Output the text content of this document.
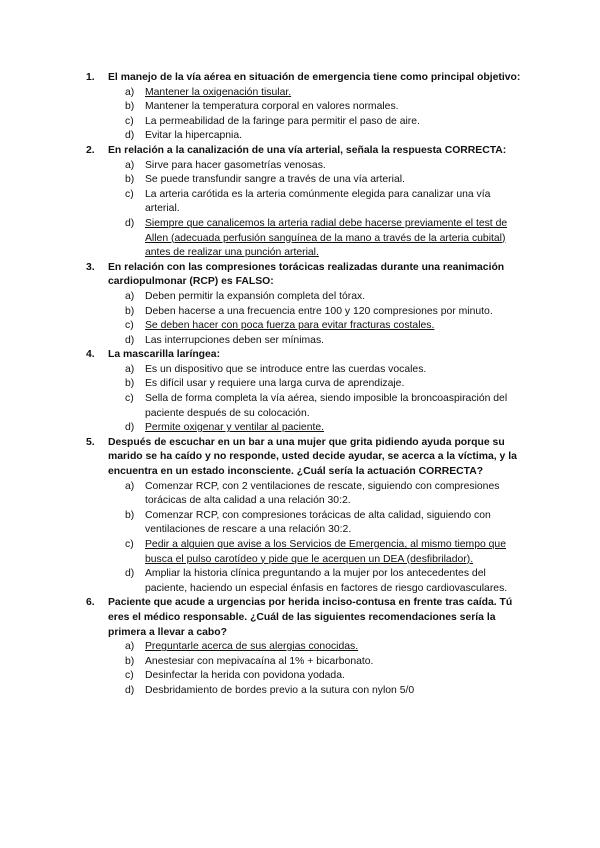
1. El manejo de la vía aérea en situación de emergencia tiene como principal objetivo:
a) Mantener la oxigenación tisular.
b) Mantener la temperatura corporal en valores normales.
c) La permeabilidad de la faringe para permitir el paso de aire.
d) Evitar la hipercapnia.
2. En relación a la canalización de una vía arterial, señala la respuesta CORRECTA:
a) Sirve para hacer gasometrías venosas.
b) Se puede transfundir sangre a través de una vía arterial.
c) La arteria carótida es la arteria comúnmente elegida para canalizar una vía arterial.
d) Siempre que canalicemos la arteria radial debe hacerse previamente el test de Allen (adecuada perfusión sanguínea de la mano a través de la arteria cubital) antes de realizar una punción arterial.
3. En relación con las compresiones torácicas realizadas durante una reanimación cardiopulmonar (RCP) es FALSO:
a) Deben permitir la expansión completa del tórax.
b) Deben hacerse a una frecuencia entre 100 y 120 compresiones por minuto.
c) Se deben hacer con poca fuerza para evitar fracturas costales.
d) Las interrupciones deben ser mínimas.
4. La mascarilla laríngea:
a) Es un dispositivo que se introduce entre las cuerdas vocales.
b) Es difícil usar y requiere una larga curva de aprendizaje.
c) Sella de forma completa la vía aérea, siendo imposible la broncoaspiración del paciente después de su colocación.
d) Permite oxigenar y ventilar al paciente.
5. Después de escuchar en un bar a una mujer que grita pidiendo ayuda porque su marido se ha caído y no responde, usted decide ayudar, se acerca a la víctima, y la encuentra en un estado inconsciente. ¿Cuál sería la actuación CORRECTA?
a) Comenzar RCP, con 2 ventilaciones de rescate, siguiendo con compresiones torácicas de alta calidad a una relación 30:2.
b) Comenzar RCP, con compresiones torácicas de alta calidad, siguiendo con ventilaciones de rescare a una relación 30:2.
c) Pedir a alguien que avise a los Servicios de Emergencia, al mismo tiempo que busca el pulso carotídeo y pide que le acerquen un DEA (desfibrilador).
d) Ampliar la historia clínica preguntando a la mujer por los antecedentes del paciente, haciendo un especial énfasis en factores de riesgo cardiovasculares.
6. Paciente que acude a urgencias por herida inciso-contusa en frente tras caída. Tú eres el médico responsable. ¿Cuál de las siguientes recomendaciones sería la primera a llevar a cabo?
a) Preguntarle acerca de sus alergias conocidas.
b) Anestesiar con mepivacaína al 1% + bicarbonato.
c) Desinfectar la herida con povidona yodada.
d) Desbridamiento de bordes previo a la sutura con nylon 5/0
